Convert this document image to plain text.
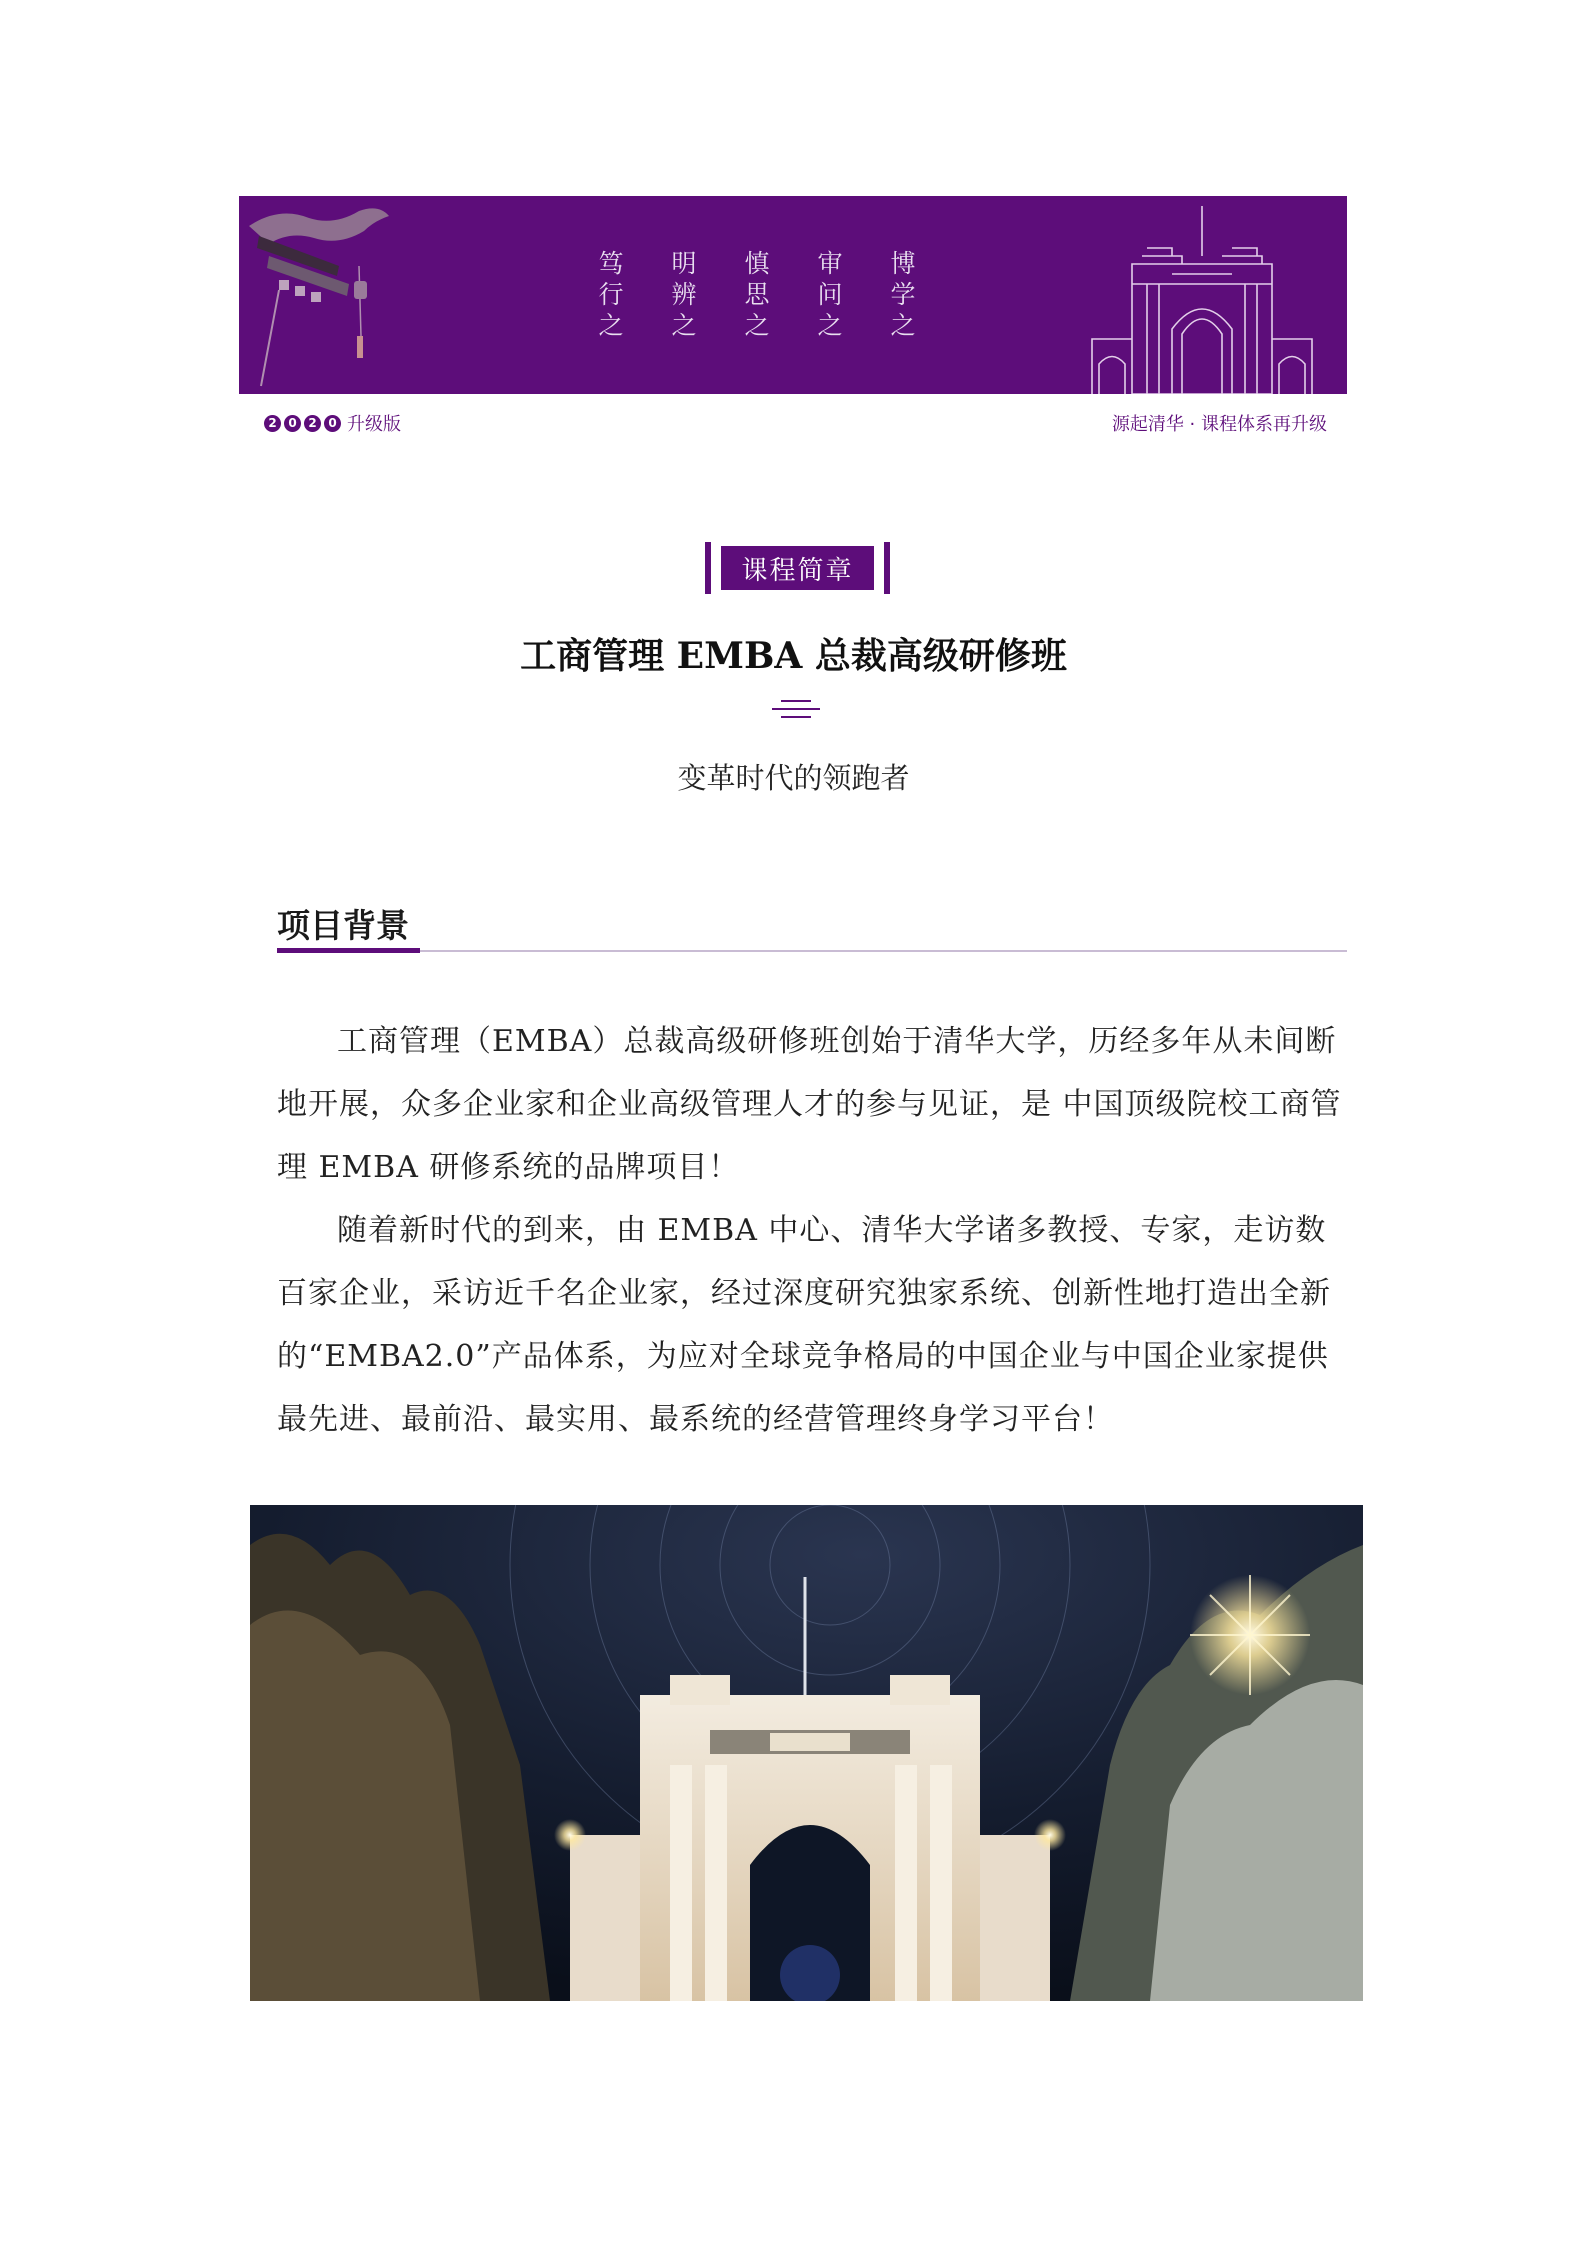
笃
行
之
明
辨
之
慎
思
之
审
问
之
博
学
之
2 0 2 0 升级版	源起清华 · 课程体系再升级
课程简章
工商管理 EMBA 总裁高级研修班
变革时代的领跑者
项目背景

工商管理（EMBA）总裁高级研修班创始于清华大学，历经多年从未间断地开展，众多企业家和企业高级管理人才的参与见证，是 中国顶级院校工商管理 EMBA 研修系统的品牌项目！

随着新时代的到来，由 EMBA 中心、清华大学诸多教授、专家，走访数百家企业，采访近千名企业家，经过深度研究独家系统、创新性地打造出全新的“EMBA2.0”产品体系，为应对全球竞争格局的中国企业与中国企业家提供最先进、最前沿、最实用、最系统的经营管理终身学习平台！
